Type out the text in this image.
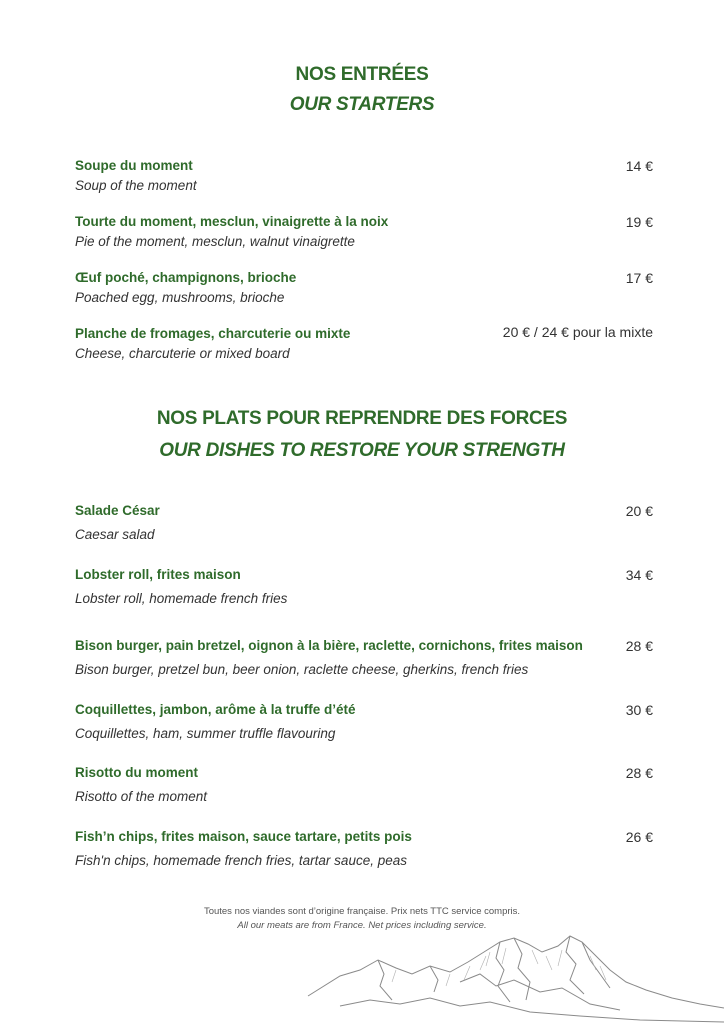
NOS ENTRÉES
OUR STARTERS
Soupe du moment
Soup of the moment
14 €
Tourte du moment, mesclun, vinaigrette à la noix
Pie of the moment, mesclun, walnut vinaigrette
19 €
Œuf poché, champignons, brioche
Poached egg, mushrooms, brioche
17 €
Planche de fromages, charcuterie ou mixte
Cheese, charcuterie or mixed board
20 € / 24 € pour la mixte
NOS PLATS POUR REPRENDRE DES FORCES
OUR DISHES TO RESTORE YOUR STRENGTH
Salade César
Caesar salad
20 €
Lobster roll, frites maison
Lobster roll, homemade french fries
34 €
Bison burger, pain bretzel, oignon à la bière, raclette, cornichons, frites maison
Bison burger, pretzel bun, beer onion, raclette cheese, gherkins, french fries
28 €
Coquillettes, jambon, arôme à la truffe d’été
Coquillettes, ham, summer truffle flavouring
30 €
Risotto du moment
Risotto of the moment
28 €
Fish’n chips, frites maison, sauce tartare, petits pois
Fish'n chips, homemade french fries, tartar sauce, peas
26 €
Toutes nos viandes sont d’origine française. Prix nets TTC service compris.
All our meats are from France. Net prices including service.
